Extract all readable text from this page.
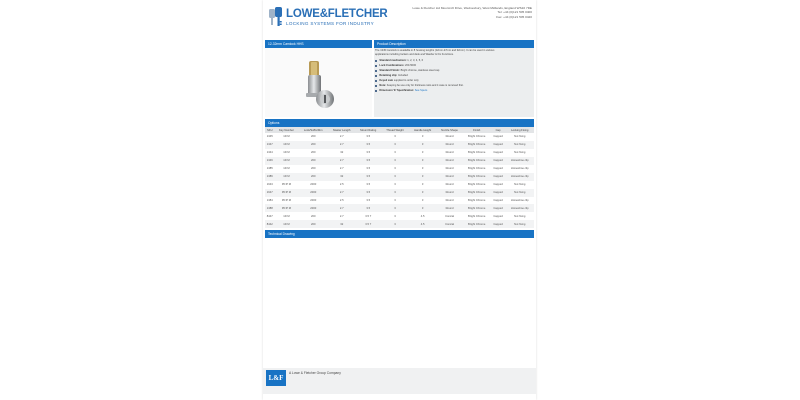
LOWE&FLETCHER
LOCKING SYSTEMS FOR INDUSTRY
Lowe & Fletcher Ltd Moorcroft Drive, Wednesbury, West Midlands, England WS10 7DE
Tel: +44 (0)121 505 0400
Fax: +44 (0)121 505 0420
12-32mm Camlock HHS	Product Description

The 1345 Camlock is available in 8 housing lengths (12mm-27mm and 32mm). It can be used in various applications including lockers and desk and Washer & Fix Functions.

Standard mechanism: 1, 2, 3, 4, 5, 6
Lock Combinations: 200-5000
Standard Finish: Bright chrome, stainless steel cap
Retaining clip: Included
Keyed cam supplied to order only
Note: Keeping be use only for thickness ratio and it case is removed first.
Dimension 'E' Specification: See Specs
Options
SKU	Key Number	Lock/Suffix/Dim	Master Length	Mount Rating	Thread Weight	Handle Height	Nozzle Shape	Finish	Cap	Locking Fixing
1345	1D M	200	2.7	3.5	3	3	Round	Bright Chrome	Capped	Nut fixing
1347	1D M	200	2.7	3.5	3	3	Round	Bright Chrome	Capped	Nut fixing
1344	1D M	200	32	3.5	3	3	Round	Bright Chrome	Capped	Nut fixing
1346	1D M	200	2.7	3.5	3	3	Round	Bright Chrome	Capped	Horseshoe clip
1385	1D M	200	2.7	3.5	3	3	Round	Bright Chrome	Capped	Horseshoe clip
1386	1D M	200	32	3.5	3	3	Round	Bright Chrome	Capped	Horseshoe clip
1643	95 IP M	2000	2.5	3.5	3	3	Round	Bright Chrome	Capped	Nut fixing
1647	95 IP M	2000	2.7	3.5	3	3	Round	Bright Chrome	Capped	Nut fixing
1384	95 IP M	2000	2.5	3.5	3	3	Round	Bright Chrome	Capped	Horseshoe clip
1388	95 IP M	2000	2.7	3.5	3	3	Round	Bright Chrome	Capped	Horseshoe clip
8447	1D M	200	2.7	3.5 7	3	4.5	Conical	Bright Chrome	Capped	Nut fixing
8442	1D M	200	32	3.5 7	3	4.5	Conical	Bright Chrome	Capped	Nut fixing
Technical Drawing
L&F
A Lowe & Fletcher Group Company
